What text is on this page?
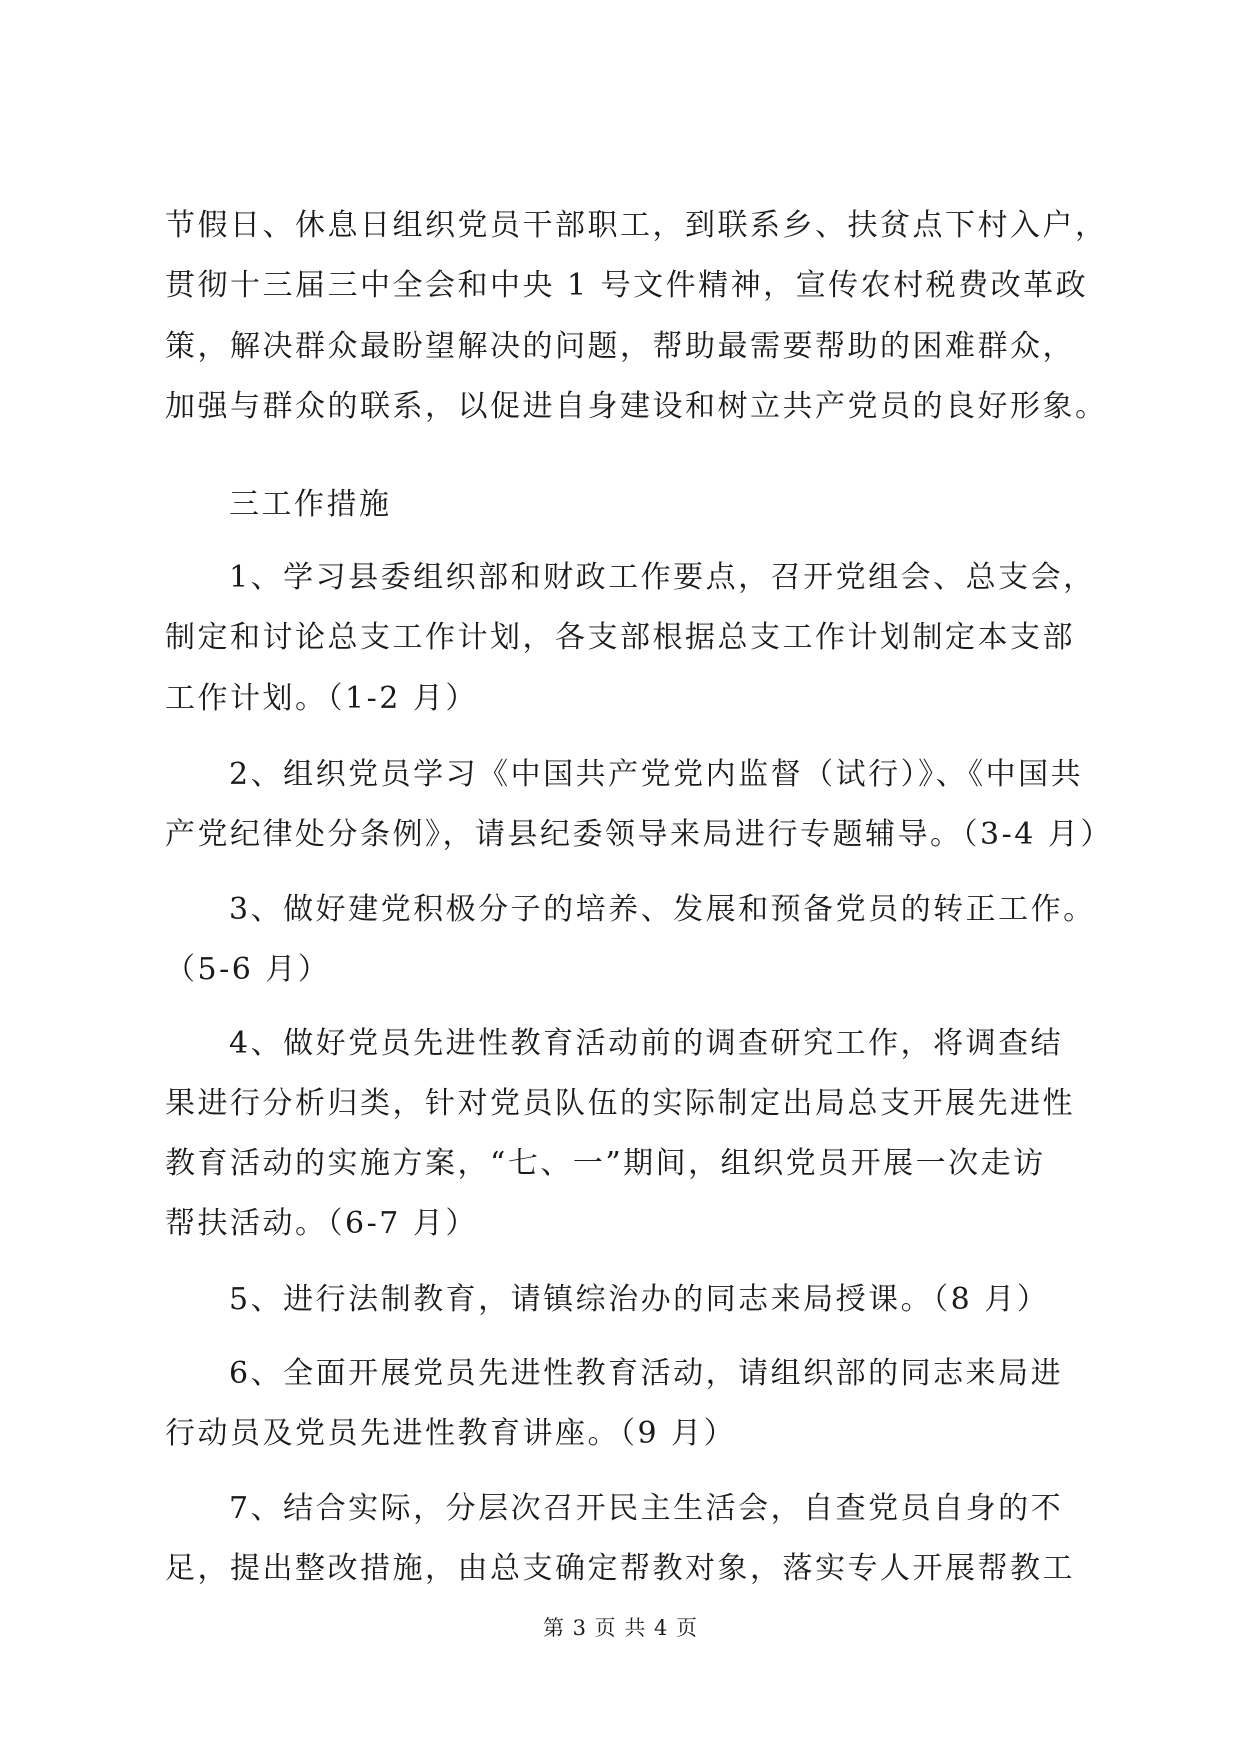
节假日、休息日组织党员干部职工，到联系乡、扶贫点下村入户，
贯彻十三届三中全会和中央 1 号文件精神，宣传农村税费改革政
策，解决群众最盼望解决的问题，帮助最需要帮助的困难群众，
加强与群众的联系，以促进自身建设和树立共产党员的良好形象。
三工作措施
1、学习县委组织部和财政工作要点，召开党组会、总支会，
制定和讨论总支工作计划，各支部根据总支工作计划制定本支部
工作计划。（1-2 月）
2、组织党员学习《中国共产党党内监督（试行）》、《中国共
产党纪律处分条例》，请县纪委领导来局进行专题辅导。（3-4 月）
3、做好建党积极分子的培养、发展和预备党员的转正工作。
（5-6 月）
4、做好党员先进性教育活动前的调查研究工作，将调查结
果进行分析归类，针对党员队伍的实际制定出局总支开展先进性
教育活动的实施方案，“七、一”期间，组织党员开展一次走访
帮扶活动。（6-7 月）
5、进行法制教育，请镇综治办的同志来局授课。（8 月）
6、全面开展党员先进性教育活动，请组织部的同志来局进
行动员及党员先进性教育讲座。（9 月）
7、结合实际，分层次召开民主生活会，自查党员自身的不
足，提出整改措施，由总支确定帮教对象，落实专人开展帮教工
第 3 页 共 4 页
